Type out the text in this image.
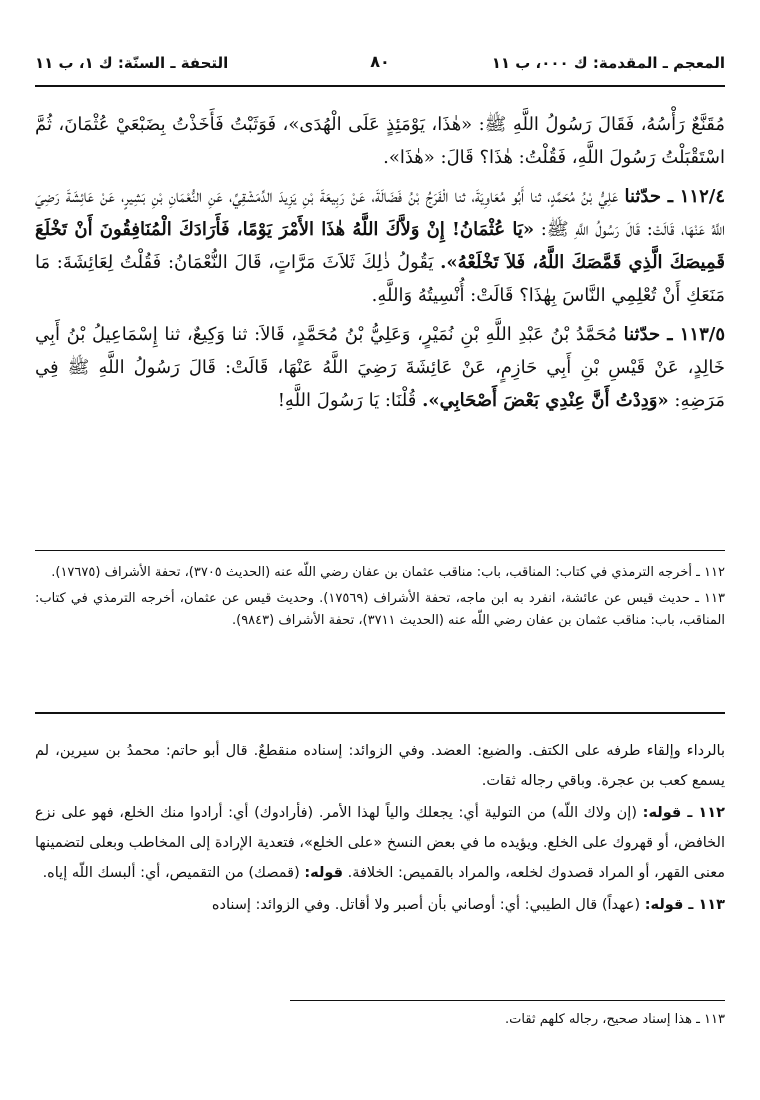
المعجم ـ المقدمة: ك ٠٠٠، ب ١١
٨٠
التحفة ـ السنّة: ك ١، ب ١١

مُقَنَّعٌ رَأْسُهُ، فَقَالَ رَسُولُ اللَّهِ ﷺ: «هٰذَا، يَوْمَئِذٍ عَلَى الْهُدَى»، فَوَثَبْتُ فَأَخَذْتُ بِضَبْعَيْ عُثْمَانَ، ثُمَّ اسْتَقْبَلْتُ رَسُولَ اللَّهِ، فَقُلْتُ: هٰذَا؟ قَالَ: «هٰذَا».

١١٢/٤ ـ حدّثنا عَلِيُّ بْنُ مُحَمَّدٍ، ثنا أَبُو مُعَاوِيَةَ، ثنا الْفَرَجُ بْنُ فَضَالَةَ، عَنْ رَبِيعَةَ بْنِ يَزِيدَ الدِّمَشْقِيِّ، عَنِ النُّعْمَانِ بْنِ بَشِيرٍ، عَنْ عَائِشَةَ رَضِيَ اللَّهُ عَنْهَا، قَالَتْ: قَالَ رَسُولُ اللَّهِ ﷺ: «يَا عُثْمَانُ! إِنْ وَلاَّكَ اللَّهُ هٰذَا الأَمْرَ يَوْمًا، فَأَرَادَكَ الْمُنَافِقُونَ أَنْ تَخْلَعَ قَمِيصَكَ الَّذِي قَمَّصَكَ اللَّهُ، فَلاَ تَخْلَعْهُ». يَقُولُ ذٰلِكَ ثَلاَثَ مَرَّاتٍ، قَالَ النُّعْمَانُ: فَقُلْتُ لِعَائِشَةَ: مَا مَنَعَكِ أَنْ تُعْلِمِي النَّاسَ بِهٰذَا؟ قَالَتْ: أُنْسِيتُهُ وَاللَّهِ.

١١٣/٥ ـ حدّثنا مُحَمَّدُ بْنُ عَبْدِ اللَّهِ بْنِ نُمَيْرٍ، وَعَلِيُّ بْنُ مُحَمَّدٍ، قَالاَ: ثنا وَكِيعٌ، ثنا إِسْمَاعِيلُ بْنُ أَبِي خَالِدٍ، عَنْ قَيْسِ بْنِ أَبِي حَازِمٍ، عَنْ عَائِشَةَ رَضِيَ اللَّهُ عَنْهَا، قَالَتْ: قَالَ رَسُولُ اللَّهِ ﷺ فِي مَرَضِهِ: «وَدِدْتُ أَنَّ عِنْدِي بَعْضَ أَصْحَابِي». قُلْنَا: يَا رَسُولَ اللَّهِ!

١١٢ ـ أخرجه الترمذي في كتاب: المناقب، باب: مناقب عثمان بن عفان رضي اللّه عنه (الحديث ٣٧٠٥)، تحفة الأشراف (١٧٦٧٥).

١١٣ ـ حديث قيس عن عائشة، انفرد به ابن ماجه، تحفة الأشراف (١٧٥٦٩). وحديث قيس عن عثمان، أخرجه الترمذي في كتاب: المناقب، باب: مناقب عثمان بن عفان رضي اللّه عنه (الحديث ٣٧١١)، تحفة الأشراف (٩٨٤٣).

بالرداء وإلقاء طرفه على الكتف. والضبع: العضد. وفي الزوائد: إسناده منقطعٌ. قال أبو حاتم: محمدُ بن سيرين، لم يسمع كعب بن عجرة. وباقي رجاله ثقات.

١١٢ ـ قوله: (إن ولاك اللّه) من التولية أي: يجعلك والياً لهذا الأمر. (فأرادوك) أي: أرادوا منك الخلع، فهو على نزع الخافض، أو قهروك على الخلع. ويؤيده ما في بعض النسخ «على الخلع»، فتعدية الإرادة إلى المخاطب وبعلى لتضمينها معنى القهر، أو المراد قصدوك لخلعه، والمراد بالقميص: الخلافة. قوله: (قمصك) من التقميص، أي: ألبسك اللّه إياه.

١١٣ ـ قوله: (عهداً) قال الطيبي: أي: أوصاني بأن أصبر ولا أقاتل. وفي الزوائد: إسناده

١١٣ ـ هذا إسناد صحيح، رجاله كلهم ثقات.
